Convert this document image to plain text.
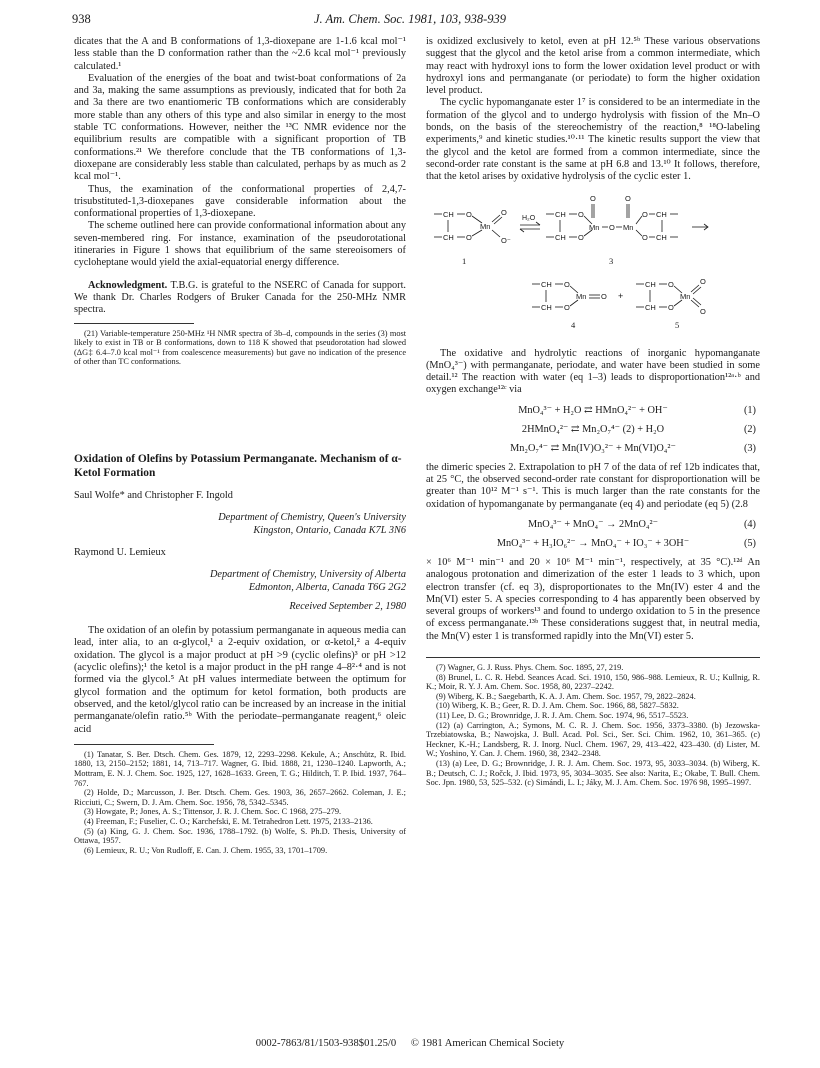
938	J. Am. Chem. Soc. 1981, 103, 938-939

dicates that the A and B conformations of 1,3-dioxepane are 1-1.6 kcal mol⁻¹ less stable than the D conformation rather than the ~2.6 kcal mol⁻¹ previously calculated.¹

Evaluation of the energies of the boat and twist-boat conformations of 2a and 3a, making the same assumptions as previously, indicated that for both 2a and 3a there are two enantiomeric TB conformations which are considerably more stable than any others of this type and also similar in energy to the most stable TC conformations. However, neither the ¹³C NMR evidence nor the equilibrium results are compatible with a significant proportion of TB conformations.²¹ We therefore conclude that the TB conformations of 1,3-dioxepane are considerably less stable than calculated, perhaps by as much as 2 kcal mol⁻¹.

Thus, the examination of the conformational properties of 2,4,7-trisubstituted-1,3-dioxepanes gave considerable information about the conformational properties of 1,3-dioxepane.

The scheme outlined here can provide conformational information about any seven-membered ring. For instance, examination of the pseudorotational itineraries in Figure 1 shows that equilibrium of the same stereoisomers of cycloheptane would yield the axial-equatorial energy difference.

Acknowledgment. T.B.G. is grateful to the NSERC of Canada for support. We thank Dr. Charles Rodgers of Bruker Canada for the 250-MHz NMR spectra.

(21) Variable-temperature 250-MHz ¹H NMR spectra of 3b–d, compounds in the series (3) most likely to exist in TB or B conformations, down to 118 K showed that pseudorotation had slowed (ΔG‡ 6.4–7.0 kcal mol⁻¹ from coalescence measurements) but gave no indication of the presence of other than TC conformations.

Oxidation of Olefins by Potassium Permanganate. Mechanism of α-Ketol Formation
Saul Wolfe* and Christopher F. Ingold
Department of Chemistry, Queen's University
Kingston, Ontario, Canada K7L 3N6
Raymond U. Lemieux
Department of Chemistry, University of Alberta
Edmonton, Alberta, Canada T6G 2G2
Received September 2, 1980

The oxidation of an olefin by potassium permanganate in aqueous media can lead, inter alia, to an α-glycol,¹ a 2-equiv oxidation, or α-ketol,² a 4-equiv oxidation. The glycol is a major product at pH >9 (cyclic olefins)³ or pH >12 (acyclic olefins);¹ the ketol is a major product in the pH range 4–8²·⁴ and is not formed via the glycol.⁵ At pH values intermediate between the optimum for glycol formation and the optimum for ketol formation, both products are observed, and the ketol/glycol ratio can be increased by an increase in the initial permanganate/olefin ratio.⁵ᵇ With the periodate–permanganate reagent,⁶ oleic acid

(1) Tanatar, S. Ber. Dtsch. Chem. Ges. 1879, 12, 2293–2298. Kekule, A.; Anschütz, R. Ibid. 1880, 13, 2150–2152; 1881, 14, 713–717. Wagner, G. Ibid. 1888, 21, 1230–1240. Lapworth, A.; Mottram, E. N. J. Chem. Soc. 1925, 127, 1628–1633. Green, T. G.; Hilditch, T. P. Ibid. 1937, 764–767.

(2) Holde, D.; Marcusson, J. Ber. Dtsch. Chem. Ges. 1903, 36, 2657–2662. Coleman, J. E.; Ricciuti, C.; Swern, D. J. Am. Chem. Soc. 1956, 78, 5342–5345.

(3) Howgate, P.; Jones, A. S.; Tittensor, J. R. J. Chem. Soc. C 1968, 275–279.

(4) Freeman, F.; Fuselier, C. O.; Karchefski, E. M. Tetrahedron Lett. 1975, 2133–2136.

(5) (a) King, G. J. Chem. Soc. 1936, 1788–1792. (b) Wolfe, S. Ph.D. Thesis, University of Ottawa, 1957.

(6) Lemieux, R. U.; Von Rudloff, E. Can. J. Chem. 1955, 33, 1701–1709.

is oxidized exclusively to ketol, even at pH 12.⁵ᵇ These various observations suggest that the glycol and the ketol arise from a common intermediate, which may react with hydroxyl ions to form the lower oxidation level product or with hydroxyl ions and permanganate (or periodate) to form the higher oxidation level product.

The cyclic hypomanganate ester 1⁷ is considered to be an intermediate in the formation of the glycol and to undergo hydrolysis with fission of the Mn–O bonds, on the basis of the stereochemistry of the reaction,⁸ ¹⁸O-labeling experiments,⁹ and kinetic studies.¹⁰·¹¹ The kinetic results support the view that the glycol and the ketol are formed from a common intermediate, since the second-order rate constant is the same at pH 6.8 and 13.¹⁰ It follows, therefore, that the ketol arises by oxidative hydrolysis of the cyclic ester 1.

CH O
CH O
Mn
O
O⁻
1
H₂O	CH O
CH O
Mn
O
O Mn
O
O CH
O CH
3
CH O
CH O
Mn O
4
+
CH O
CH O
Mn
O
O
5

The oxidative and hydrolytic reactions of inorganic hypomanganate (MnO₄³⁻) with permanganate, periodate, and water have been studied in some detail.¹² The reaction with water (eq 1–3) leads to disproportionation¹²ᵃ·ᵇ and oxygen exchange¹²ᶜ via

MnO₄³⁻ + H₂O ⇄ HMnO₄²⁻ + OH⁻	(1)
2HMnO₄²⁻ ⇄ Mn₂O₇⁴⁻ (2) + H₂O	(2)
Mn₂O₇⁴⁻ ⇄ Mn(IV)O₃²⁻ + Mn(VI)O₄²⁻	(3)

the dimeric species 2. Extrapolation to pH 7 of the data of ref 12b indicates that, at 25 °C, the observed second-order rate constant for disproportionation will be greater than 10¹² M⁻¹ s⁻¹. This is much larger than the rate constants for the oxidation of hypomanganate by permanganate (eq 4) and periodate (eq 5) (2.8

MnO₄³⁻ + MnO₄⁻ → 2MnO₄²⁻	(4)
MnO₄³⁻ + H₃IO₆²⁻ → MnO₄⁻ + IO₃⁻ + 3OH⁻	(5)

× 10⁶ M⁻¹ min⁻¹ and 20 × 10⁶ M⁻¹ min⁻¹, respectively, at 35 °C).¹²ᵈ An analogous protonation and dimerization of the ester 1 leads to 3 which, upon electron transfer (cf. eq 3), disproportionates to the Mn(IV) ester 4 and the Mn(VI) ester 5. A species corresponding to 4 has apparently been observed by several groups of workers¹³ and found to undergo oxidation to 5 in the presence of excess permanganate.¹³ᵇ These considerations suggest that, in neutral media, the Mn(V) ester 1 is transformed rapidly into the Mn(VI) ester 5.

(7) Wagner, G. J. Russ. Phys. Chem. Soc. 1895, 27, 219.

(8) Brunel, L. C. R. Hebd. Seances Acad. Sci. 1910, 150, 986–988. Lemieux, R. U.; Kullnig, R. K.; Moir, R. Y. J. Am. Chem. Soc. 1958, 80, 2237–2242.

(9) Wiberg, K. B.; Saegebarth, K. A. J. Am. Chem. Soc. 1957, 79, 2822–2824.

(10) Wiberg, K. B.; Geer, R. D. J. Am. Chem. Soc. 1966, 88, 5827–5832.

(11) Lee, D. G.; Brownridge, J. R. J. Am. Chem. Soc. 1974, 96, 5517–5523.

(12) (a) Carrington, A.; Symons, M. C. R. J. Chem. Soc. 1956, 3373–3380. (b) Jezowska-Trzebiatowska, B.; Nawojska, J. Bull. Acad. Pol. Sci., Ser. Sci. Chim. 1962, 10, 361–365. (c) Heckner, K.-H.; Landsberg, R. J. Inorg. Nucl. Chem. 1967, 29, 413–422, 423–430. (d) Lister, M. W.; Yoshino, Y. Can. J. Chem. 1960, 38, 2342–2348.

(13) (a) Lee, D. G.; Brownridge, J. R. J. Am. Chem. Soc. 1973, 95, 3033–3034. (b) Wiberg, K. B.; Deutsch, C. J.; Ročck, J. Ibid. 1973, 95, 3034–3035. See also: Narita, E.; Okabe, T. Bull. Chem. Soc. Jpn. 1980, 53, 525–532. (c) Simándi, L. I.; Jáky, M. J. Am. Chem. Soc. 1976 98, 1995–1997.

0002-7863/81/1503-938$01.25/0 © 1981 American Chemical Society
